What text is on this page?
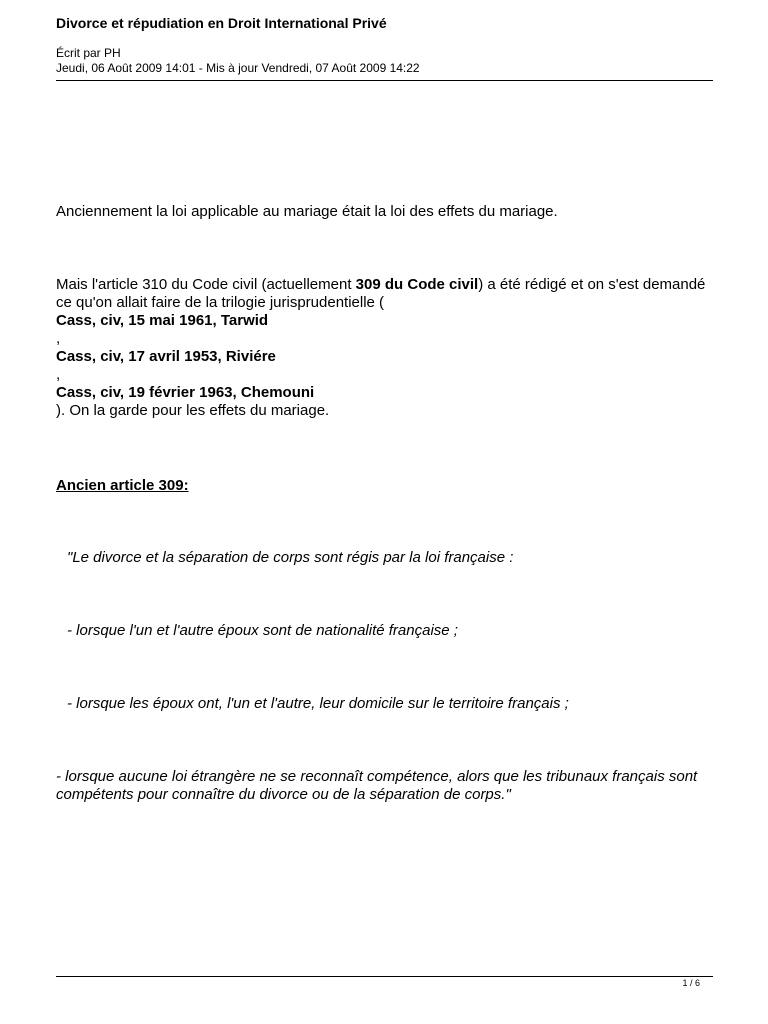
Divorce et répudiation en Droit International Privé
Écrit par PH
Jeudi, 06 Août 2009 14:01 - Mis à jour Vendredi, 07 Août 2009 14:22
Anciennement la loi applicable au mariage était la loi des effets du mariage.
Mais l'article 310 du Code civil (actuellement 309 du Code civil) a été rédigé et on s'est demandé ce qu'on allait faire de la trilogie jurisprudentielle (
Cass, civ, 15 mai 1961, Tarwid
,
Cass, civ, 17 avril 1953, Riviére
,
Cass, civ, 19 février 1963, Chemouni
). On la garde pour les effets du mariage.
Ancien article 309:
"Le divorce et la séparation de corps sont régis par la loi française :
- lorsque l'un et l'autre époux sont de nationalité française ;
- lorsque les époux ont, l'un et l'autre, leur domicile sur le territoire français ;
- lorsque aucune loi étrangère ne se reconnaît compétence, alors que les tribunaux français sont compétents pour connaître du divorce ou de la séparation de corps."
1 / 6
